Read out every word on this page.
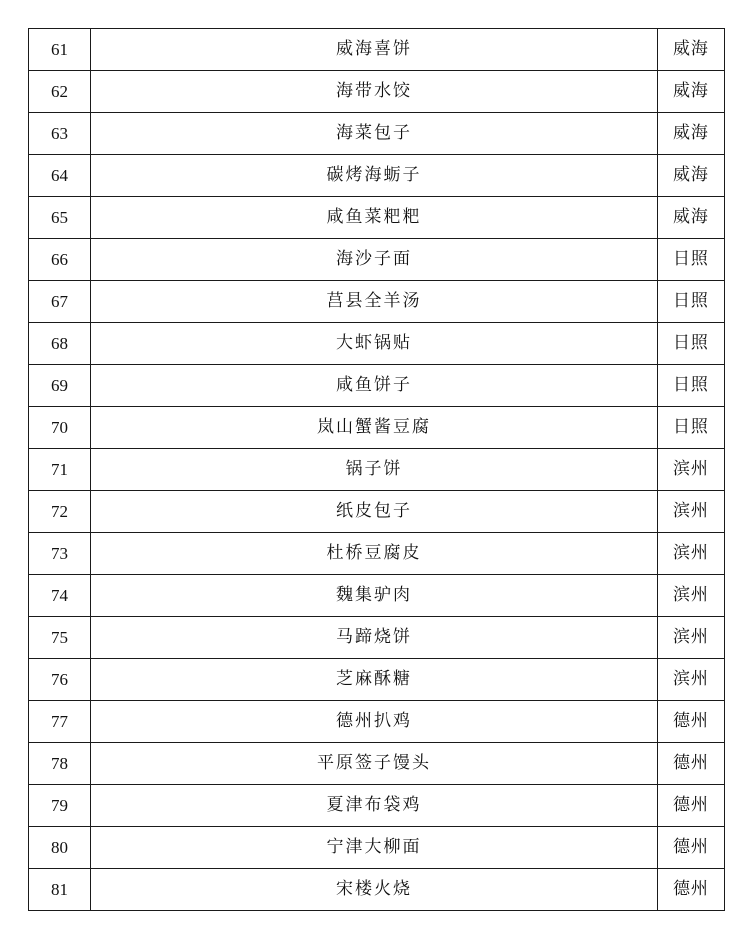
61	威海喜饼	威海
62	海带水饺	威海
63	海菜包子	威海
64	碳烤海蛎子	威海
65	咸鱼菜粑粑	威海
66	海沙子面	日照
67	莒县全羊汤	日照
68	大虾锅贴	日照
69	咸鱼饼子	日照
70	岚山蟹酱豆腐	日照
71	锅子饼	滨州
72	纸皮包子	滨州
73	杜桥豆腐皮	滨州
74	魏集驴肉	滨州
75	马蹄烧饼	滨州
76	芝麻酥糖	滨州
77	德州扒鸡	德州
78	平原签子馒头	德州
79	夏津布袋鸡	德州
80	宁津大柳面	德州
81	宋楼火烧	德州
